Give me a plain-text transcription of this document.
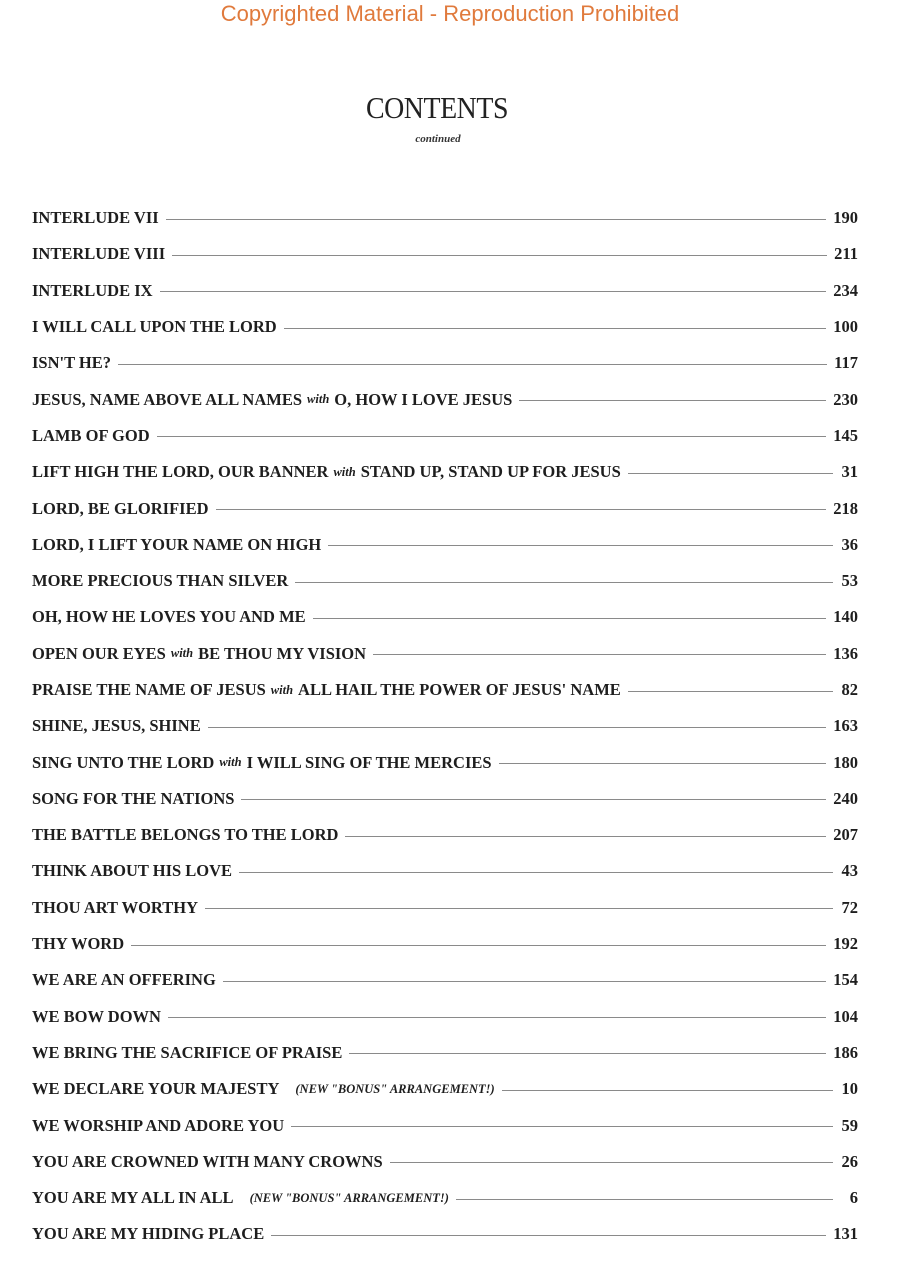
Copyrighted Material - Reproduction Prohibited
CONTENTS
continued
INTERLUDE VII	190
INTERLUDE VIII	211
INTERLUDE IX	234
I WILL CALL UPON THE LORD	100
ISN'T HE?	117
JESUS, NAME ABOVE ALL NAMES with O, HOW I LOVE JESUS	230
LAMB OF GOD	145
LIFT HIGH THE LORD, OUR BANNER with STAND UP, STAND UP FOR JESUS	31
LORD, BE GLORIFIED	218
LORD, I LIFT YOUR NAME ON HIGH	36
MORE PRECIOUS THAN SILVER	53
OH, HOW HE LOVES YOU AND ME	140
OPEN OUR EYES with BE THOU MY VISION	136
PRAISE THE NAME OF JESUS with ALL HAIL THE POWER OF JESUS' NAME	82
SHINE, JESUS, SHINE	163
SING UNTO THE LORD with I WILL SING OF THE MERCIES	180
SONG FOR THE NATIONS	240
THE BATTLE BELONGS TO THE LORD	207
THINK ABOUT HIS LOVE	43
THOU ART WORTHY	72
THY WORD	192
WE ARE AN OFFERING	154
WE BOW DOWN	104
WE BRING THE SACRIFICE OF PRAISE	186
WE DECLARE YOUR MAJESTY (NEW "BONUS" ARRANGEMENT!)	10
WE WORSHIP AND ADORE YOU	59
YOU ARE CROWNED WITH MANY CROWNS	26
YOU ARE MY ALL IN ALL (NEW "BONUS" ARRANGEMENT!)	6
YOU ARE MY HIDING PLACE	131
